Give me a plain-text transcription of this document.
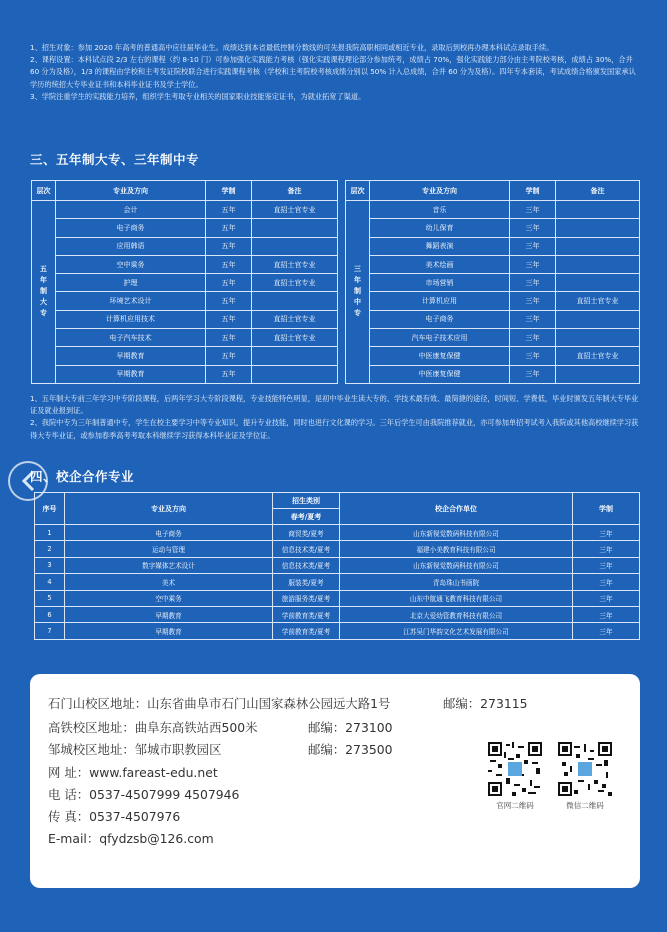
1、招生对象：参加 2020 年高考的普通高中应往届毕业生。成绩达到本省最低控制分数线的可先报我院高职相同或相近专业，录取后到校再办理本科试点录取手续。

2、课程设置：本科试点段 2/3 左右的课程（约 8-10 门）可参加强化实践能力考核（强化实践课程理论部分参加统考，成绩占 70%，强化实践能力部分由主考院校考核，成绩占 30%，合并 60 分为及格），1/3 的课程由学校和主考发证院校联合进行实践课程考核（学校和主考院校考核成绩分别以 50% 计入总成绩，合并 60 分为及格）。四年专本套读，考试成绩合格颁发国家承认学历的统招大专毕业证书和本科毕业证书及学士学位。

3、学院注重学生的实践能力培养，组织学生考取专业相关的国家职业技能鉴定证书，为就业拓宽了渠道。

三、五年制大专、三年制中专
层次	专业及方向	学制	备注
五年制大专	会计	五年	直招士官专业
	电子商务	五年	
	应用韩语	五年	
	空中乘务	五年	直招士官专业
	护理	五年	直招士官专业
	环境艺术设计	五年	
	计算机应用技术	五年	直招士官专业
	电子汽车技术	五年	直招士官专业
	早期教育	五年	
	早期教育	五年	
层次	专业及方向	学制	备注
三年制中专	音乐	三年	
	幼儿保育	三年	
	舞蹈表演	三年	
	美术绘画	三年	
	市场营销	三年	
	计算机应用	三年	直招士官专业
	电子商务	三年	
	汽车电子技术应用	三年	
	中医康复保健	三年	直招士官专业
	中医康复保健	三年	

1、五年制大专前三年学习中专阶段课程，后两年学习大专阶段课程，专业技能特色明显，是初中毕业生读大专的、学技术最有效、最简捷的途径，时间短、学费低，毕业时颁发五年制大专毕业证及就业报到证。

2、我院中专为三年制普通中专，学生在校主要学习中等专业知识，提升专业技能，同时也进行文化课的学习。三年后学生可由我院推荐就业，亦可参加单招考试考入我院或其他高校继续学习获得大专毕业证，或参加春季高考考取本科继续学习获得本科毕业证及学位证。

四、校企合作专业
序号	专业及方向	招生类别	校企合作单位	学制
		春考/夏考		
1	电子商务	商贸类/夏考	山东新视觉数码科技有限公司	三年
2	运动与管理	信息技术类/夏考	福建小美教育科技有限公司	三年
3	数字媒体艺术设计	信息技术类/夏考	山东新视觉数码科技有限公司	三年
4	美术	服装类/夏考	青岛珠山书画院	三年
5	空中乘务	旅游服务类/夏考	山东中航通飞教育科技有限公司	三年
6	早期教育	学前教育类/夏考	北京大爱幼管教育科技有限公司	三年
7	早期教育	学前教育类/夏考	江苏吴门华韵文化艺术发展有限公司	三年
石门山校区地址：山东省曲阜市石门山国家森林公园远大路1号	邮编：273115
高铁校区地址：曲阜东高铁站西500米	邮编：273100
邹城校区地址：邹城市职教园区	邮编：273500
网 址：www.fareast-edu.net
电 话：0537-4507999 4507946
传 真：0537-4507976
E-mail：qfydzsb@126.com
官网二维码	微信二维码
